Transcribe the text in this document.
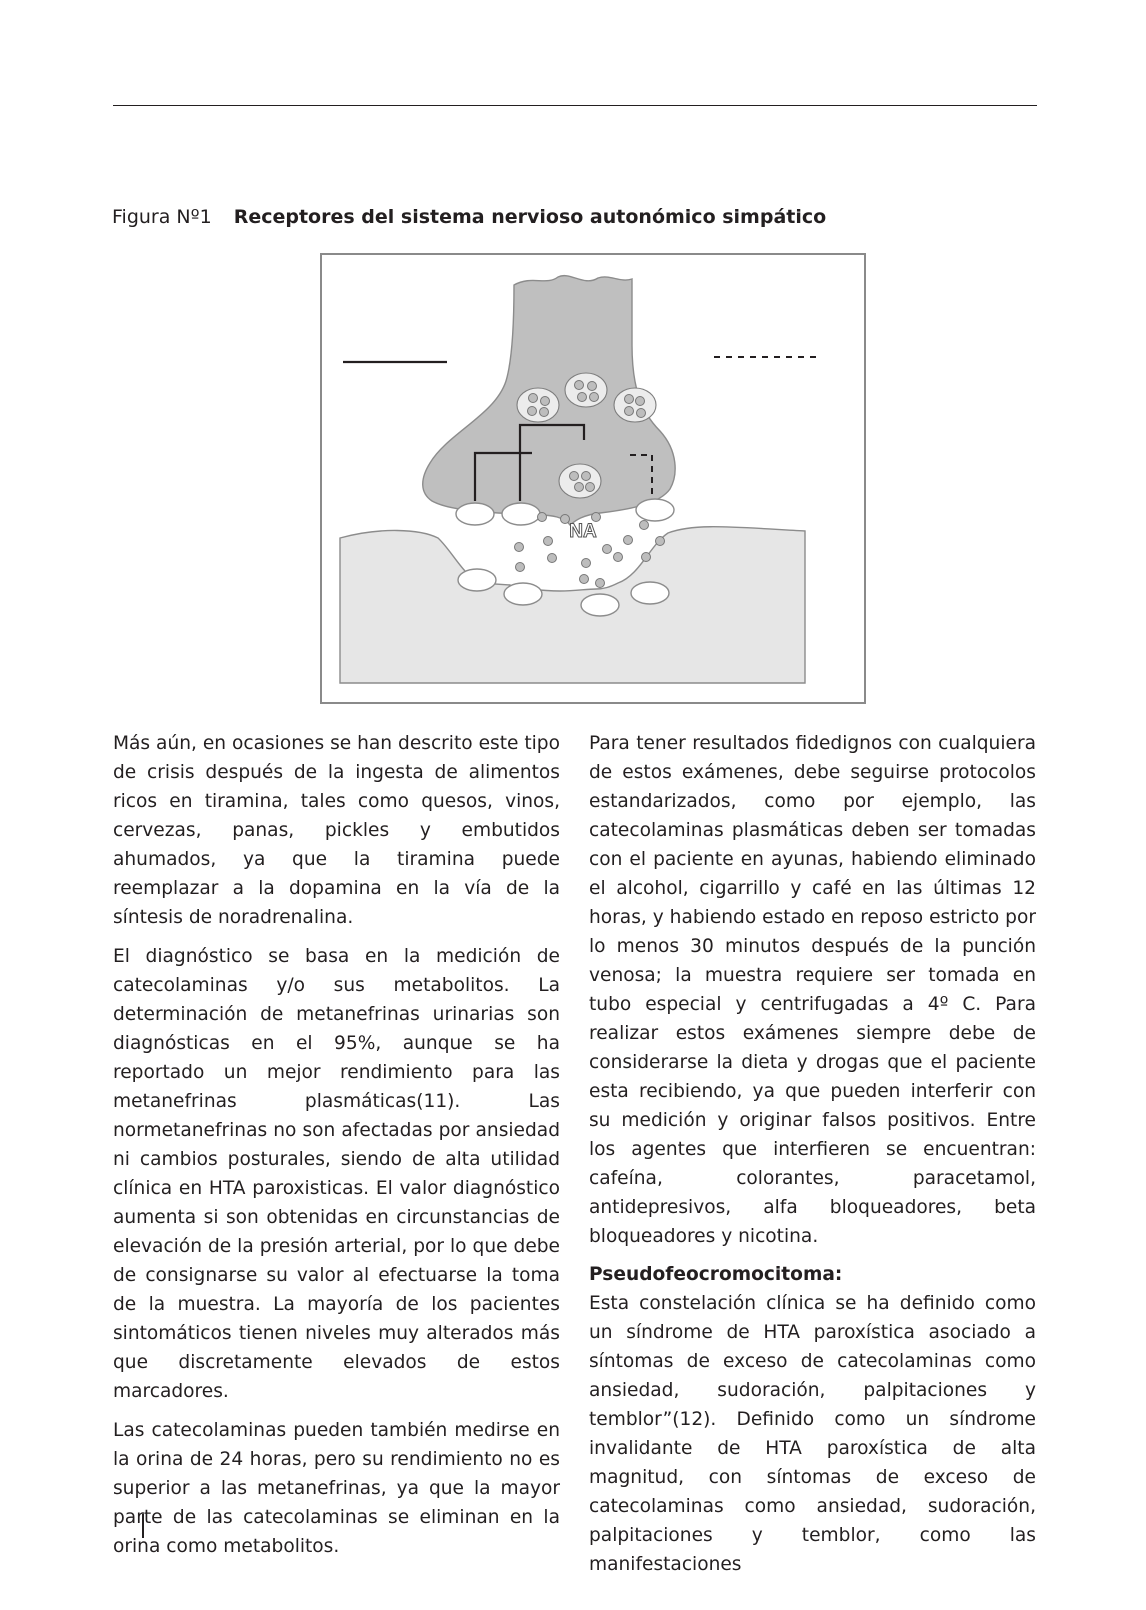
Figura Nº1 Receptores del sistema nervioso autonómico simpático
NA

Más aún, en ocasiones se han descrito este tipo de crisis después de la ingesta de alimentos ricos en tiramina, tales como quesos, vinos, cervezas, panas, pickles y embutidos ahumados, ya que la tiramina puede reemplazar a la dopamina en la vía de la síntesis de noradrenalina.

El diagnóstico se basa en la medición de catecolaminas y/o sus metabolitos. La determinación de metanefrinas urinarias son diagnósticas en el 95%, aunque se ha reportado un mejor rendimiento para las metanefrinas plasmáticas(11). Las normetanefrinas no son afectadas por ansiedad ni cambios posturales, siendo de alta utilidad clínica en HTA paroxisticas. El valor diagnóstico aumenta si son obtenidas en circunstancias de elevación de la presión arterial, por lo que debe de consignarse su valor al efectuarse la toma de la muestra. La mayoría de los pacientes sintomáticos tienen niveles muy alterados más que discretamente elevados de estos marcadores.

Las catecolaminas pueden también medirse en la orina de 24 horas, pero su rendimiento no es superior a las metanefrinas, ya que la mayor parte de las catecolaminas se eliminan en la orina como metabolitos.

Para tener resultados fidedignos con cualquiera de estos exámenes, debe seguirse protocolos estandarizados, como por ejemplo, las catecolaminas plasmáticas deben ser tomadas con el paciente en ayunas, habiendo eliminado el alcohol, cigarrillo y café en las últimas 12 horas, y habiendo estado en reposo estricto por lo menos 30 minutos después de la punción venosa; la muestra requiere ser tomada en tubo especial y centrifugadas a 4º C. Para realizar estos exámenes siempre debe de considerarse la dieta y drogas que el paciente esta recibiendo, ya que pueden interferir con su medición y originar falsos positivos. Entre los agentes que interfieren se encuentran: cafeína, colorantes, paracetamol, antidepresivos, alfa bloqueadores, beta bloqueadores y nicotina.

Pseudofeocromocitoma:

Esta constelación clínica se ha definido como un síndrome de HTA paroxística asociado a síntomas de exceso de catecolaminas como ansiedad, sudoración, palpitaciones y temblor”(12). Definido como un síndrome invalidante de HTA paroxística de alta magnitud, con síntomas de exceso de catecolaminas como ansiedad, sudoración, palpitaciones y temblor, como las manifestaciones
